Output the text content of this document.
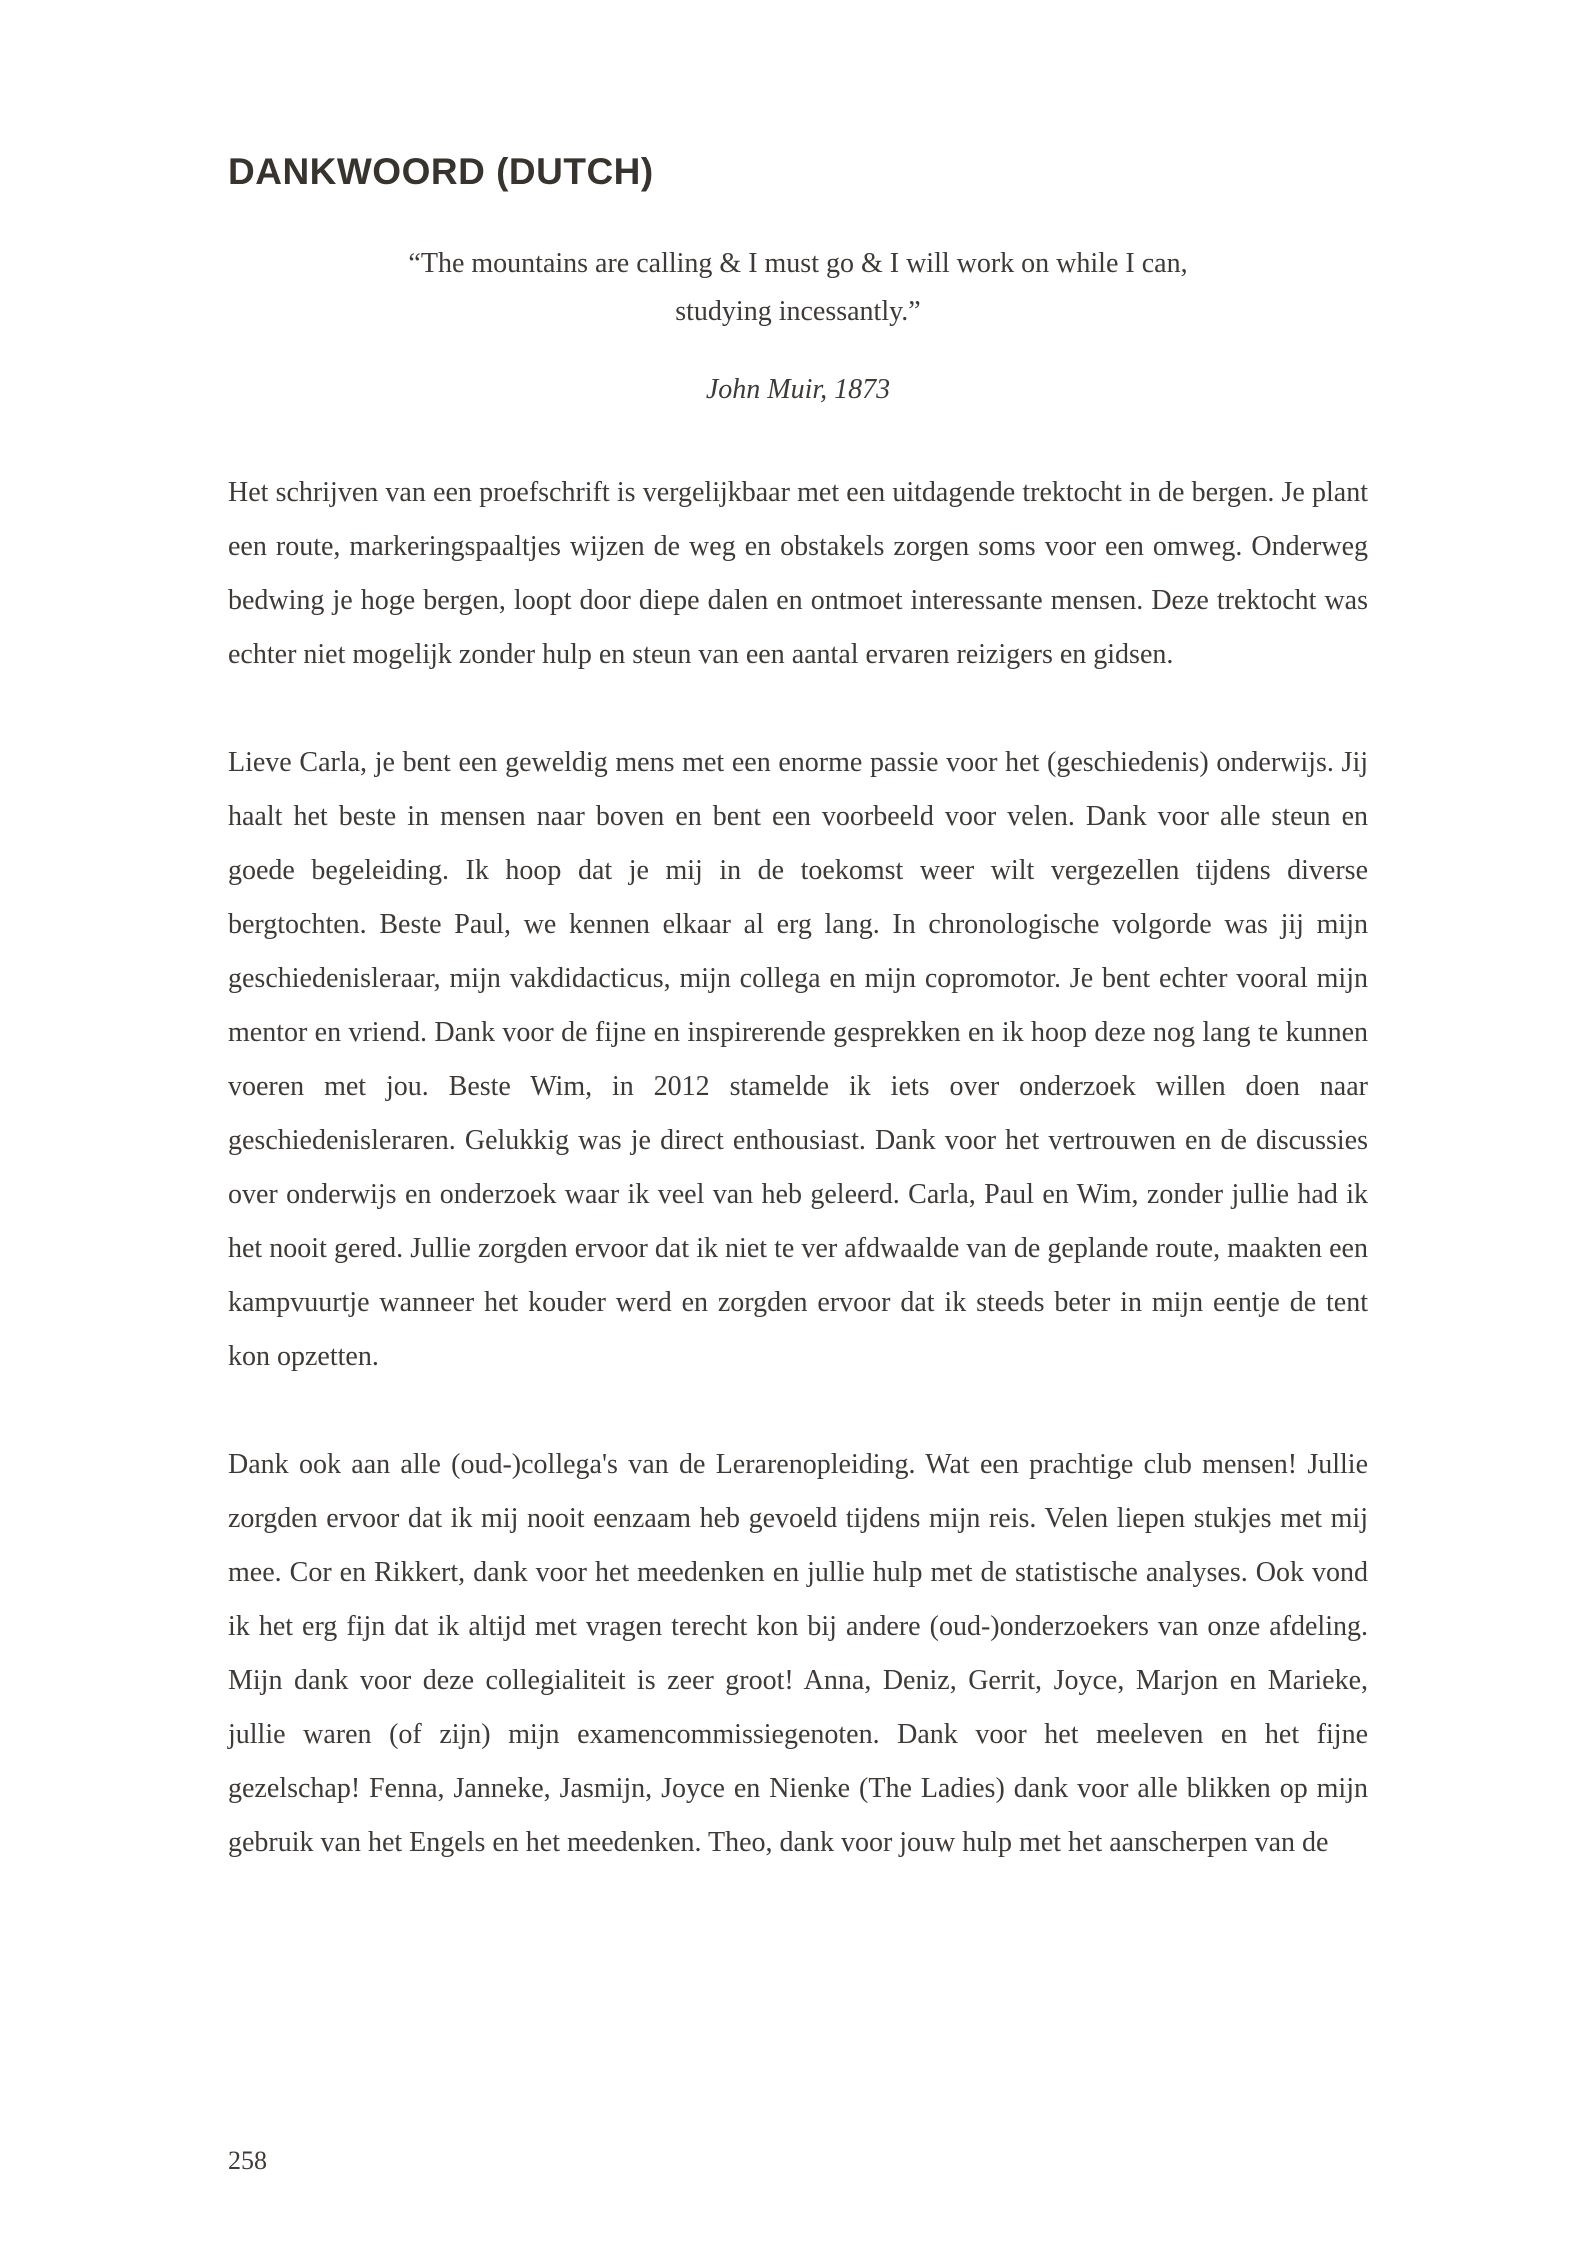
DANKWOORD (DUTCH)
“The mountains are calling & I must go & I will work on while I can,
studying incessantly.”
John Muir, 1873

Het schrijven van een proefschrift is vergelijkbaar met een uitdagende trektocht in de bergen. Je plant een route, markeringspaaltjes wijzen de weg en obstakels zorgen soms voor een omweg. Onderweg bedwing je hoge bergen, loopt door diepe dalen en ontmoet interessante mensen. Deze trektocht was echter niet mogelijk zonder hulp en steun van een aantal ervaren reizigers en gidsen.

Lieve Carla, je bent een geweldig mens met een enorme passie voor het (geschiedenis) onderwijs. Jij haalt het beste in mensen naar boven en bent een voorbeeld voor velen. Dank voor alle steun en goede begeleiding. Ik hoop dat je mij in de toekomst weer wilt vergezellen tijdens diverse bergtochten. Beste Paul, we kennen elkaar al erg lang. In chronologische volgorde was jij mijn geschiedenisleraar, mijn vakdidacticus, mijn collega en mijn copromotor. Je bent echter vooral mijn mentor en vriend. Dank voor de fijne en inspirerende gesprekken en ik hoop deze nog lang te kunnen voeren met jou. Beste Wim, in 2012 stamelde ik iets over onderzoek willen doen naar geschiedenisleraren. Gelukkig was je direct enthousiast. Dank voor het vertrouwen en de discussies over onderwijs en onderzoek waar ik veel van heb geleerd. Carla, Paul en Wim, zonder jullie had ik het nooit gered. Jullie zorgden ervoor dat ik niet te ver afdwaalde van de geplande route, maakten een kampvuurtje wanneer het kouder werd en zorgden ervoor dat ik steeds beter in mijn eentje de tent kon opzetten.

Dank ook aan alle (oud-)collega's van de Lerarenopleiding. Wat een prachtige club mensen! Jullie zorgden ervoor dat ik mij nooit eenzaam heb gevoeld tijdens mijn reis. Velen liepen stukjes met mij mee. Cor en Rikkert, dank voor het meedenken en jullie hulp met de statistische analyses. Ook vond ik het erg fijn dat ik altijd met vragen terecht kon bij andere (oud-)onderzoekers van onze afdeling. Mijn dank voor deze collegialiteit is zeer groot! Anna, Deniz, Gerrit, Joyce, Marjon en Marieke, jullie waren (of zijn) mijn examencommissiegenoten. Dank voor het meeleven en het fijne gezelschap! Fenna, Janneke, Jasmijn, Joyce en Nienke (The Ladies) dank voor alle blikken op mijn gebruik van het Engels en het meedenken. Theo, dank voor jouw hulp met het aanscherpen van de

258
